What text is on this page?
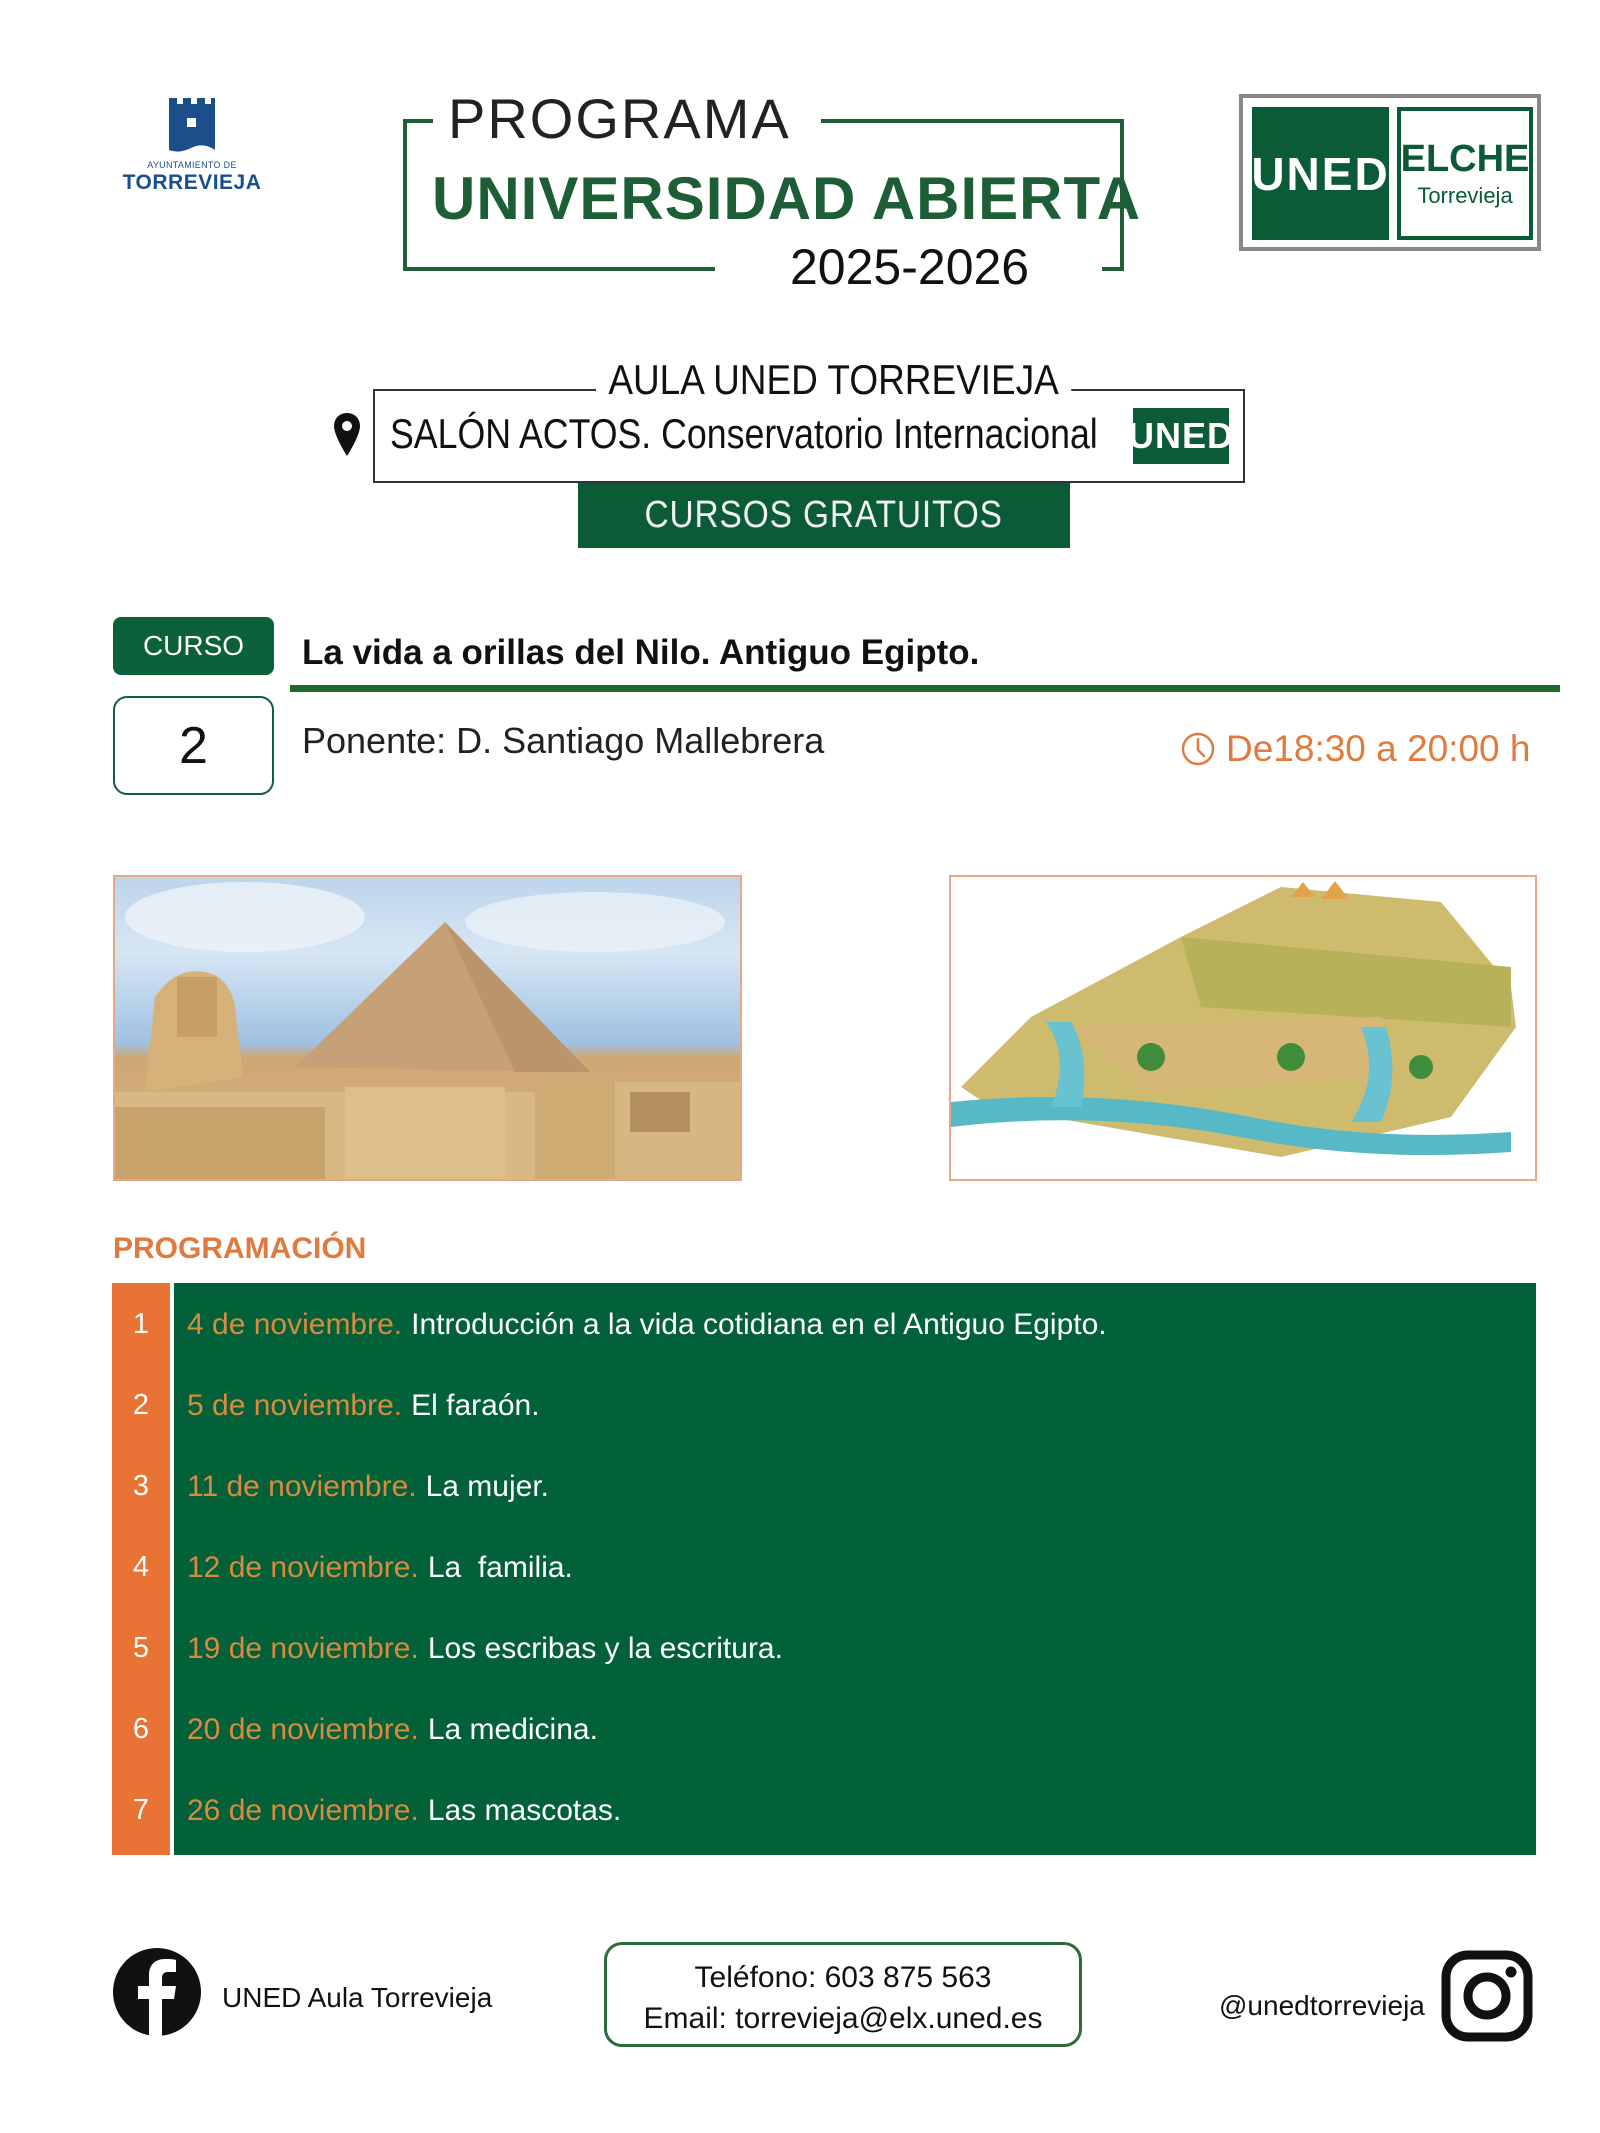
AYUNTAMIENTO DE
TORREVIEJA
PROGRAMA
UNIVERSIDAD ABIERTA
2025-2026
UNED ELCHE
Torrevieja
AULA UNED TORREVIEJA
SALÓN ACTOS. Conservatorio Internacional UNED
CURSOS GRATUITOS
CURSO
2
La vida a orillas del Nilo. Antiguo Egipto.
Ponente: D. Santiago Mallebrera	De18:30 a 20:00 h
PROGRAMACIÓN
1	4 de noviembre. Introducción a la vida cotidiana en el Antiguo Egipto.
2	5 de noviembre. El faraón.
3	11 de noviembre. La mujer.
4	12 de noviembre. La  familia.
5	19 de noviembre. Los escribas y la escritura.
6	20 de noviembre. La medicina.
7	26 de noviembre. Las mascotas.
UNED Aula Torrevieja
Teléfono: 603 875 563
Email: torrevieja@elx.uned.es	@unedtorrevieja
